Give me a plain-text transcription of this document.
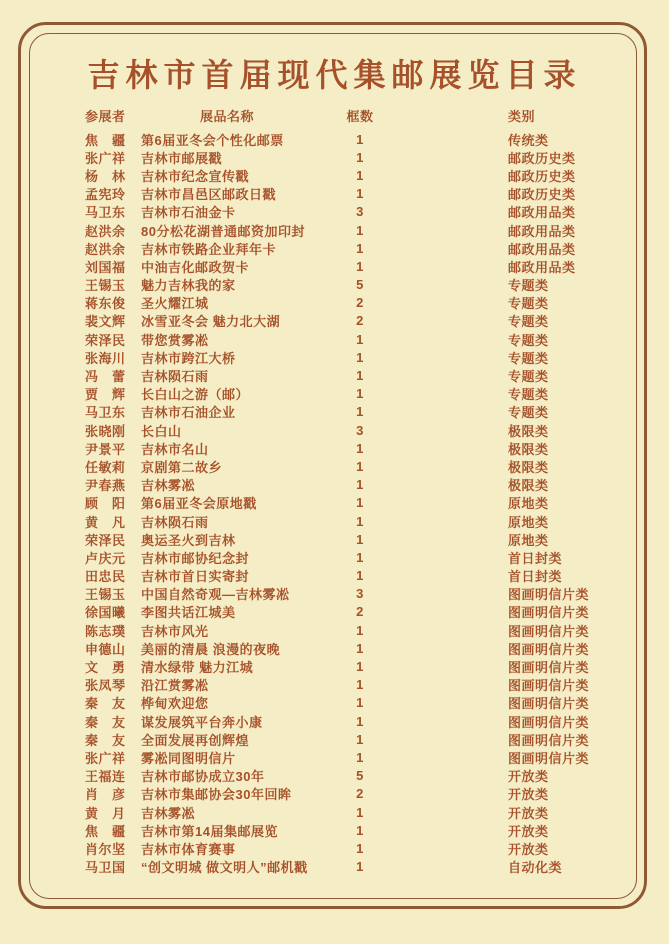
吉林市首届现代集邮展览目录
参展者	展品名称	框数	类别
焦　疆	第6届亚冬会个性化邮票	1	传统类
张广祥	吉林市邮展戳	1	邮政历史类
杨　林	吉林市纪念宣传戳	1	邮政历史类
孟宪玲	吉林市昌邑区邮政日戳	1	邮政历史类
马卫东	吉林市石油金卡	3	邮政用品类
赵洪余	80分松花湖普通邮资加印封	1	邮政用品类
赵洪余	吉林市铁路企业拜年卡	1	邮政用品类
刘国福	中油吉化邮政贺卡	1	邮政用品类
王锡玉	魅力吉林我的家	5	专题类
蒋东俊	圣火耀江城	2	专题类
裴文辉	冰雪亚冬会 魅力北大湖	2	专题类
荣泽民	带您赏雾凇	1	专题类
张海川	吉林市跨江大桥	1	专题类
冯　蕾	吉林陨石雨	1	专题类
贾　辉	长白山之游（邮）	1	专题类
马卫东	吉林市石油企业	1	专题类
张晓刚	长白山	3	极限类
尹景平	吉林市名山	1	极限类
任敏莉	京剧第二故乡	1	极限类
尹春燕	吉林雾凇	1	极限类
顾　阳	第6届亚冬会原地戳	1	原地类
黄　凡	吉林陨石雨	1	原地类
荣泽民	奥运圣火到吉林	1	原地类
卢庆元	吉林市邮协纪念封	1	首日封类
田忠民	吉林市首日实寄封	1	首日封类
王锡玉	中国自然奇观—吉林雾凇	3	图画明信片类
徐国曦	李图共话江城美	2	图画明信片类
陈志璞	吉林市风光	1	图画明信片类
申德山	美丽的清晨 浪漫的夜晚	1	图画明信片类
文　勇	清水绿带 魅力江城	1	图画明信片类
张凤琴	沿江赏雾凇	1	图画明信片类
秦　友	桦甸欢迎您	1	图画明信片类
秦　友	谋发展筑平台奔小康	1	图画明信片类
秦　友	全面发展再创辉煌	1	图画明信片类
张广祥	雾凇同图明信片	1	图画明信片类
王福连	吉林市邮协成立30年	5	开放类
肖　彦	吉林市集邮协会30年回眸	2	开放类
黄　月	吉林雾凇	1	开放类
焦　疆	吉林市第14届集邮展览	1	开放类
肖尔坚	吉林市体育赛事	1	开放类
马卫国	“创文明城 做文明人”邮机戳	1	自动化类
